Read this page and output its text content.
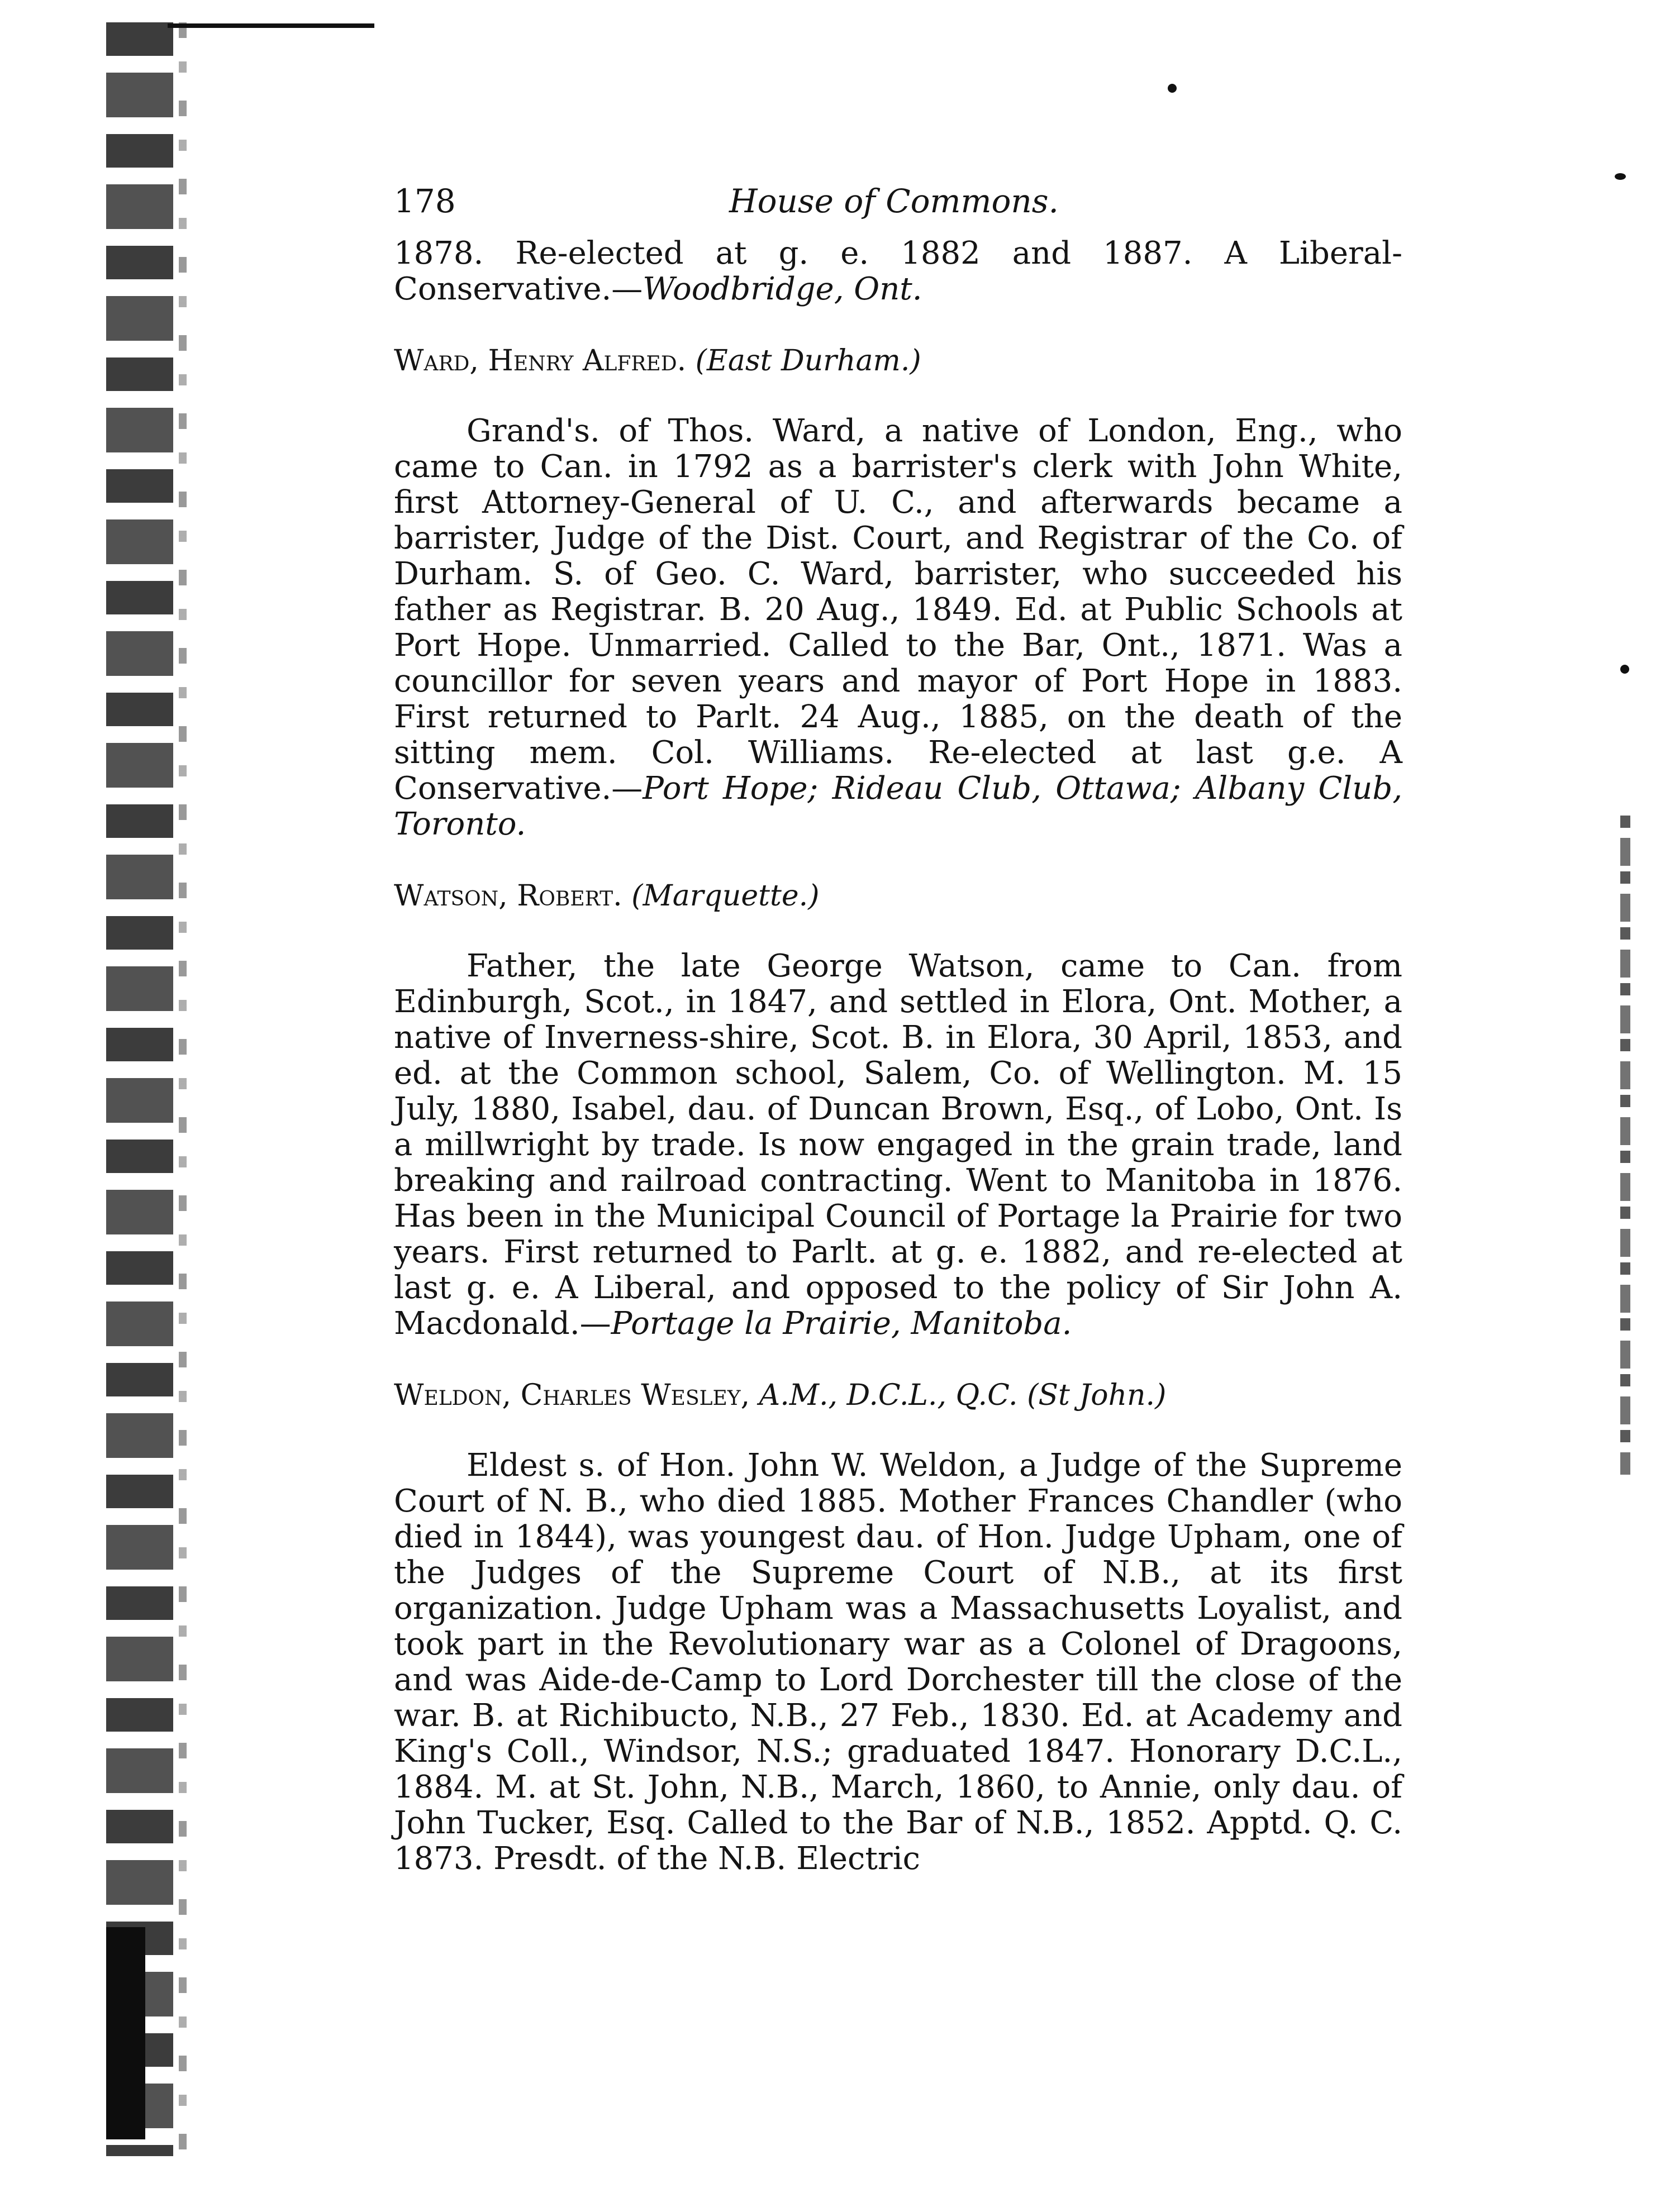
178	House of Commons.

1878. Re-elected at g. e. 1882 and 1887. A Liberal-Conservative.—Woodbridge, Ont.

Ward, Henry Alfred. (East Durham.)

Grand's. of Thos. Ward, a native of London, Eng., who came to Can. in 1792 as a barrister's clerk with John White, first Attorney-General of U. C., and afterwards became a barrister, Judge of the Dist. Court, and Registrar of the Co. of Durham. S. of Geo. C. Ward, barrister, who succeeded his father as Registrar. B. 20 Aug., 1849. Ed. at Public Schools at Port Hope. Unmarried. Called to the Bar, Ont., 1871. Was a councillor for seven years and mayor of Port Hope in 1883. First returned to Parlt. 24 Aug., 1885, on the death of the sitting mem. Col. Williams. Re-elected at last g.e. A Conservative.—Port Hope; Rideau Club, Ottawa; Albany Club, Toronto.

Watson, Robert. (Marquette.)

Father, the late George Watson, came to Can. from Edinburgh, Scot., in 1847, and settled in Elora, Ont. Mother, a native of Inverness-shire, Scot. B. in Elora, 30 April, 1853, and ed. at the Common school, Salem, Co. of Wellington. M. 15 July, 1880, Isabel, dau. of Duncan Brown, Esq., of Lobo, Ont. Is a millwright by trade. Is now engaged in the grain trade, land breaking and railroad contracting. Went to Manitoba in 1876. Has been in the Municipal Council of Portage la Prairie for two years. First returned to Parlt. at g. e. 1882, and re-elected at last g. e. A Liberal, and opposed to the policy of Sir John A. Macdonald.—Portage la Prairie, Manitoba.

Weldon, Charles Wesley, A.M., D.C.L., Q.C. (St John.)

Eldest s. of Hon. John W. Weldon, a Judge of the Supreme Court of N. B., who died 1885. Mother Frances Chandler (who died in 1844), was youngest dau. of Hon. Judge Upham, one of the Judges of the Supreme Court of N.B., at its first organization. Judge Upham was a Massachusetts Loyalist, and took part in the Revolutionary war as a Colonel of Dragoons, and was Aide-de-Camp to Lord Dorchester till the close of the war. B. at Richibucto, N.B., 27 Feb., 1830. Ed. at Academy and King's Coll., Windsor, N.S.; graduated 1847. Honorary D.C.L., 1884. M. at St. John, N.B., March, 1860, to Annie, only dau. of John Tucker, Esq. Called to the Bar of N.B., 1852. Apptd. Q. C. 1873. Presdt. of the N.B. Electric
